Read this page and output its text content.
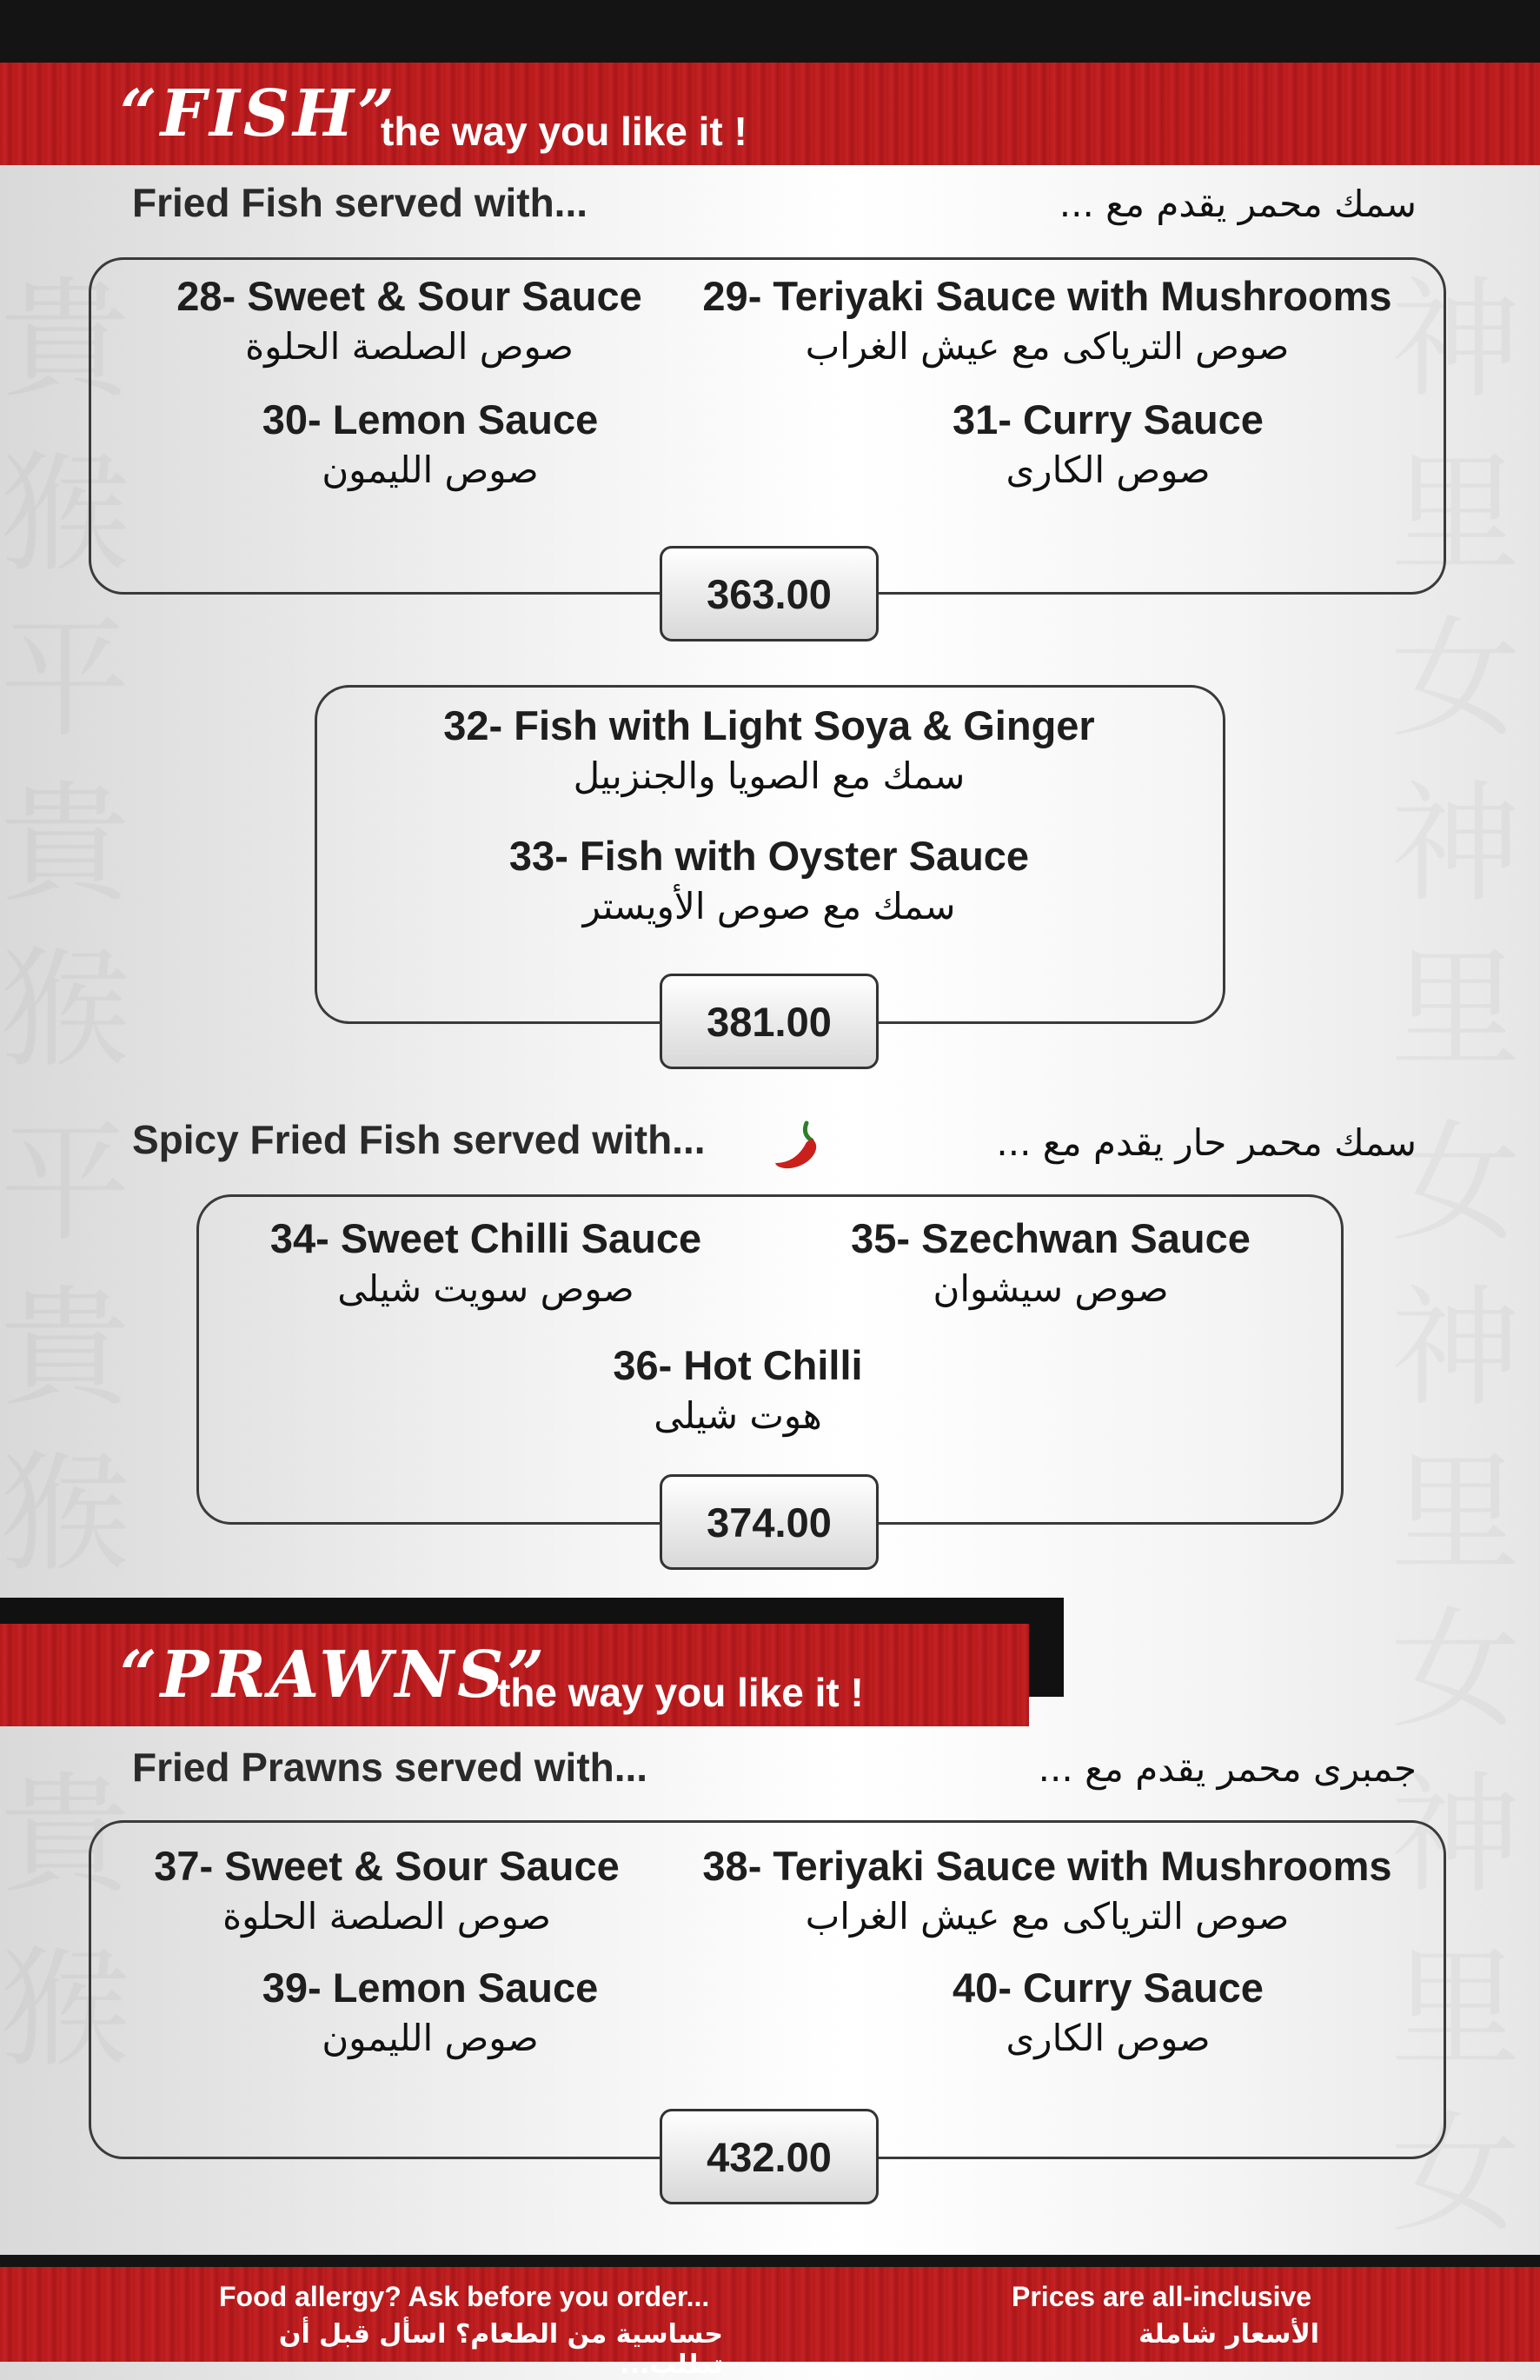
貴
猴
平
貴
猴
平
貴
猴
貴
猴
神
里
女
神
里
女
神
里
女
神
里
女
“FISH”
the way you like it !
Fried Fish served with...	سمك محمر يقدم مع ...
28- Sweet & Sour Sauce
صوص الصلصة الحلوة
29- Teriyaki Sauce with Mushrooms
صوص الترياكى مع عيش الغراب
30- Lemon Sauce
صوص الليمون
31- Curry Sauce
صوص الكارى
363.00
32- Fish with Light Soya & Ginger
سمك مع الصويا والجنزبيل
33- Fish with Oyster Sauce
سمك مع صوص الأويستر
381.00
Spicy Fried Fish served with...	سمك محمر حار يقدم مع ...
34- Sweet Chilli Sauce
صوص سويت شيلى
35- Szechwan Sauce
صوص سيشوان
36- Hot Chilli
هوت شيلى
374.00
“PRAWNS”
the way you like it !
Fried Prawns served with...	جمبرى محمر يقدم مع ...
37- Sweet & Sour Sauce
صوص الصلصة الحلوة
38- Teriyaki Sauce with Mushrooms
صوص الترياكى مع عيش الغراب
39- Lemon Sauce
صوص الليمون
40- Curry Sauce
صوص الكارى
432.00
Food allergy? Ask before you order...
حساسية من الطعام؟ اسأل قبل أن تطلب...
Prices are all-inclusive
الأسعار شاملة
